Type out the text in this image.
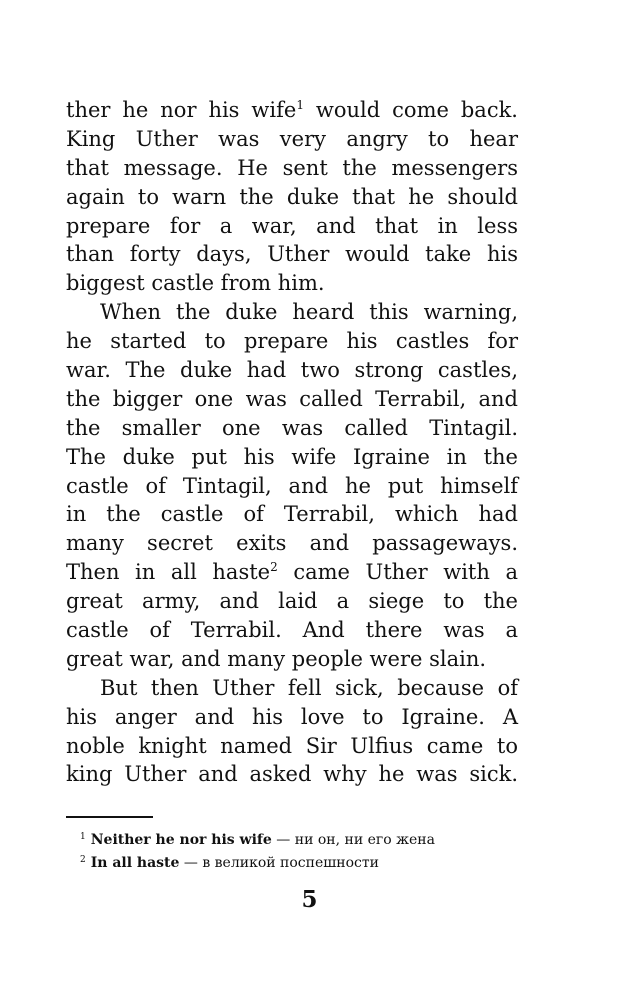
ther he nor his wife$^1$ would come back.
King Uther was very angry to hear
that message. He sent the messengers
again to warn the duke that he should
prepare for a war, and that in less
than forty days, Uther would take his
biggest castle from him.
When the duke heard this warning,
he started to prepare his castles for
war. The duke had two strong castles,
the bigger one was called Terrabil, and
the smaller one was called Tintagil.
The duke put his wife Igraine in the
castle of Tintagil, and he put himself
in the castle of Terrabil, which had
many secret exits and passageways.
Then in all haste$^2$ came Uther with a
great army, and laid a siege to the
castle of Terrabil. And there was a
great war, and many people were slain.
But then Uther fell sick, because of
his anger and his love to Igraine. A
noble knight named Sir Ulfius came to
king Uther and asked why he was sick.
$^1$ Neither he nor his wife — ни он, ни его жена
$^2$ In all haste — в великой поспешности
5
